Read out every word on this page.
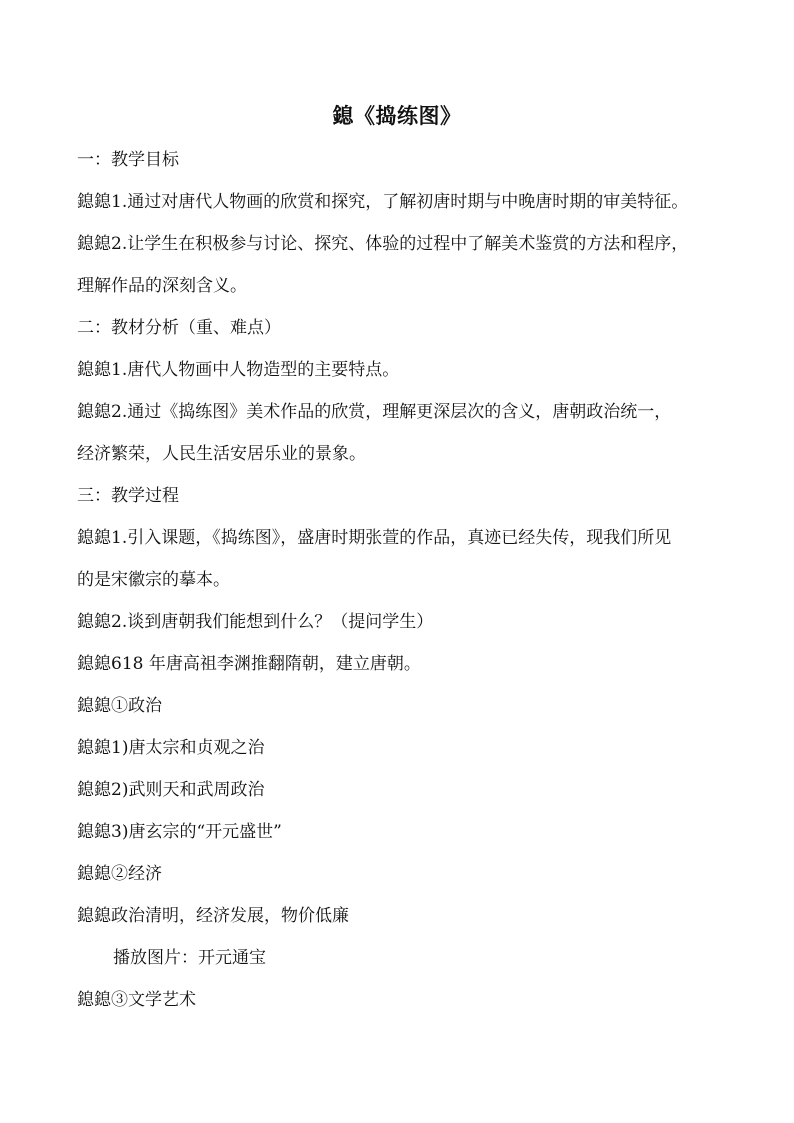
鎴《捣练图》
一：教学目标
鎴鎴1.通过对唐代人物画的欣赏和探究，了解初唐时期与中晚唐时期的审美特征。
鎴鎴2.让学生在积极参与讨论、探究、体验的过程中了解美术鉴赏的方法和程序，
理解作品的深刻含义。
二：教材分析（重、难点）
鎴鎴1.唐代人物画中人物造型的主要特点。
鎴鎴2.通过《捣练图》美术作品的欣赏，理解更深层次的含义，唐朝政治统一，
经济繁荣，人民生活安居乐业的景象。
三：教学过程
鎴鎴1.引入课题，《捣练图》，盛唐时期张萱的作品，真迹已经失传，现我们所见
的是宋徽宗的摹本。
鎴鎴2.谈到唐朝我们能想到什么？（提问学生）
鎴鎴618 年唐高祖李渊推翻隋朝，建立唐朝。
鎴鎴①政治
鎴鎴1)唐太宗和贞观之治
鎴鎴2)武则天和武周政治
鎴鎴3)唐玄宗的“开元盛世”
鎴鎴②经济
鎴鎴政治清明，经济发展，物价低廉
播放图片：开元通宝
鎴鎴③文学艺术
